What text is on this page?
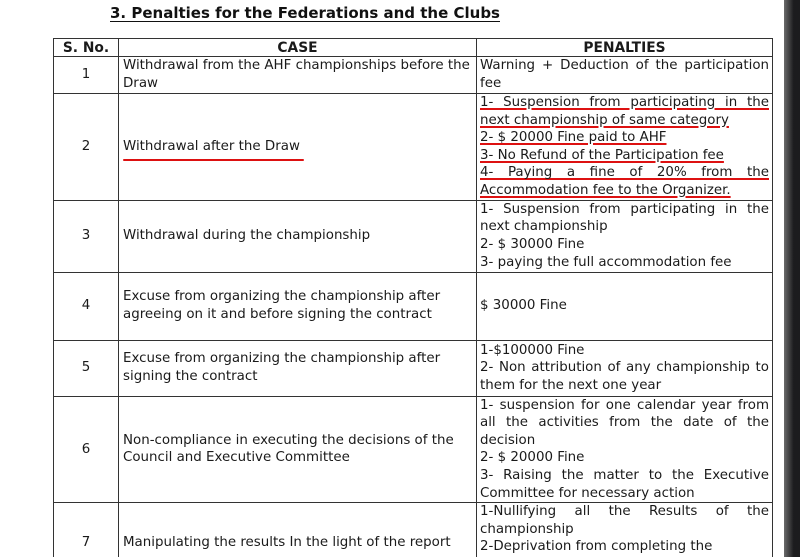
3. Penalties for the Federations and the Clubs
S. No.	CASE	PENALTIES
1	Withdrawal from the AHF championships before the Draw	Warning + Deduction of the participation fee

2	Withdrawal after the Draw	1- Suspension from participating in the next championship of same category
2- $ 20000 Fine paid to AHF
3- No Refund of the Participation fee
4- Paying a fine of 20% from the Accommodation fee to the Organizer.

3	Withdrawal during the championship	1- Suspension from participating in the next championship
2- $ 30000 Fine
3- paying the full accommodation fee

4	Excuse from organizing the championship after agreeing on it and before signing the contract	$ 30000 Fine

5	Excuse from organizing the championship after signing the contract	1-$100000 Fine
2- Non attribution of any championship to them for the next one year

6	Non-compliance in executing the decisions of the Council and Executive Committee	1- suspension for one calendar year from all the activities from the date of the decision
2- $ 20000 Fine
3- Raising the matter to the Executive Committee for necessary action

7	Manipulating the results In the light of the report	1-Nullifying all the Results of the championship
2-Deprivation from completing the
